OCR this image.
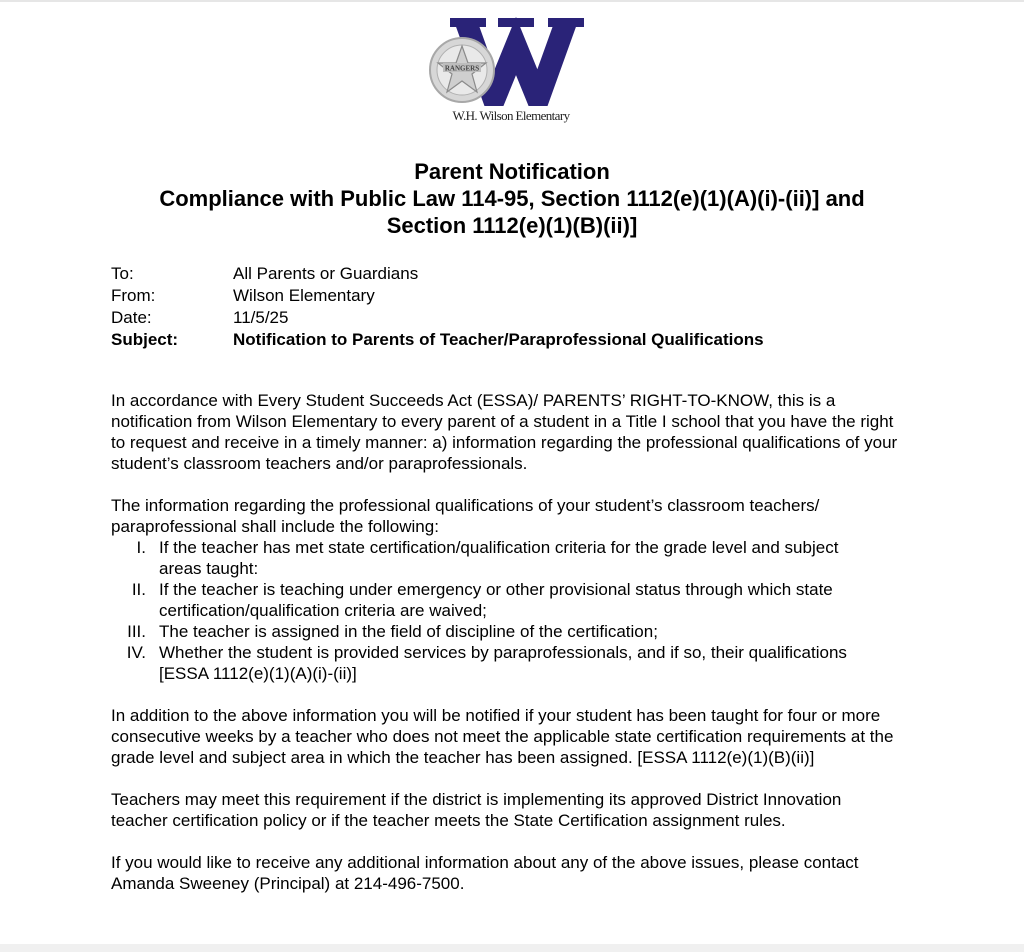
RANGERS
W.H. Wilson Elementary
Parent Notification
Compliance with Public Law 114-95, Section 1112(e)(1)(A)(i)-(ii)] and
Section 1112(e)(1)(B)(ii)]
To:	All Parents or Guardians
From:	Wilson Elementary
Date:	11/5/25
Subject:	Notification to Parents of Teacher/Paraprofessional Qualifications

In accordance with Every Student Succeeds Act (ESSA)/ PARENTS’ RIGHT-TO-KNOW, this is a notification from Wilson Elementary to every parent of a student in a Title I school that you have the right to request and receive in a timely manner: a) information regarding the professional qualifications of your student’s classroom teachers and/or paraprofessionals.

The information regarding the professional qualifications of your student’s classroom teachers/ paraprofessional shall include the following:

I. If the teacher has met state certification/qualification criteria for the grade level and subject areas taught:
II. If the teacher is teaching under emergency or other provisional status through which state certification/qualification criteria are waived;
III. The teacher is assigned in the field of discipline of the certification;
IV. Whether the student is provided services by paraprofessionals, and if so, their qualifications [ESSA 1112(e)(1)(A)(i)-(ii)]

In addition to the above information you will be notified if your student has been taught for four or more consecutive weeks by a teacher who does not meet the applicable state certification requirements at the grade level and subject area in which the teacher has been assigned. [ESSA 1112(e)(1)(B)(ii)]

Teachers may meet this requirement if the district is implementing its approved District Innovation teacher certification policy or if the teacher meets the State Certification assignment rules.

If you would like to receive any additional information about any of the above issues, please contact Amanda Sweeney (Principal) at 214-496-7500.
